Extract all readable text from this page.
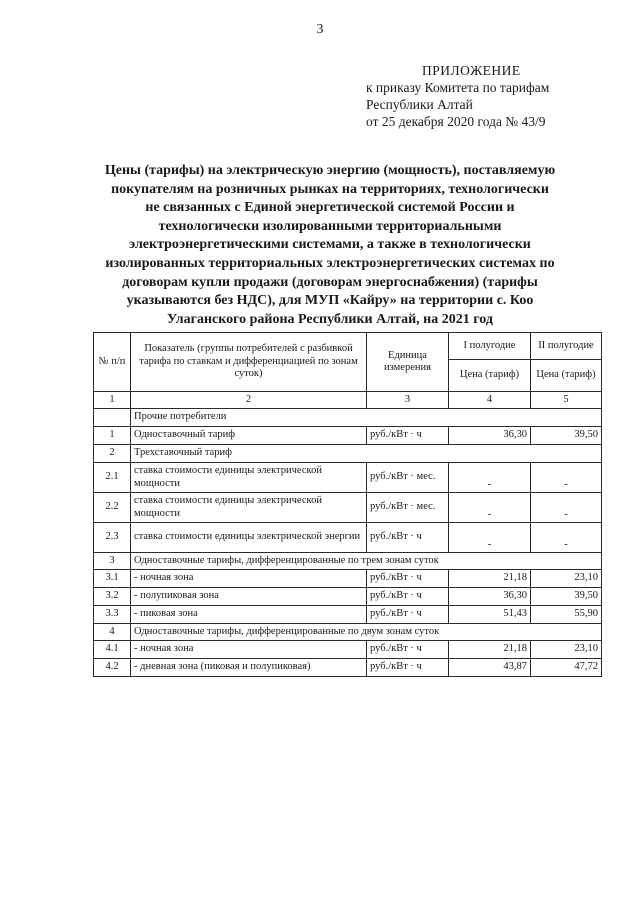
3
ПРИЛОЖЕНИЕ
к приказу Комитета по тарифам
Республики Алтай
от 25 декабря 2020 года № 43/9
Цены (тарифы) на электрическую энергию (мощность), поставляемую
покупателям на розничных рынках на территориях, технологически
не связанных с Единой энергетической системой России и
технологически изолированными территориальными
электроэнергетическими системами, а также в технологически
изолированных территориальных электроэнергетических системах по
договорам купли продажи (договорам энергоснабжения) (тарифы
указываются без НДС), для МУП «Кайру» на территории с. Коо
Улаганского района Республики Алтай, на 2021 год
№ п/п	Показатель (группы потребителей с разбивкой тарифа по ставкам и дифференциацией по зонам суток)	Единица измерения	I полугодие	II полугодие
			Цена (тариф)	Цена (тариф)
1	2	3	4	5
	Прочие потребители			
1	Одноставочный тариф	руб./кВт · ч	36,30	39,50
2	Трехставочный тариф			
2.1	ставка стоимости единицы электрической мощности	руб./кВт · мес.	-	-
2.2	ставка стоимости единицы электрической мощности	руб./кВт · мес.	-	-
2.3	ставка стоимости единицы электрической энергии	руб./кВт · ч	-	-
3	Одноставочные тарифы, дифференцированные по трем зонам суток			
3.1	- ночная зона	руб./кВт · ч	21,18	23,10
3.2	- полупиковая зона	руб./кВт · ч	36,30	39,50
3.3	- пиковая зона	руб./кВт · ч	51,43	55,90
4	Одноставочные тарифы, дифференцированные по двум зонам суток			
4.1	- ночная зона	руб./кВт · ч	21,18	23,10
4.2	- дневная зона (пиковая и полупиковая)	руб./кВт · ч	43,87	47,72
